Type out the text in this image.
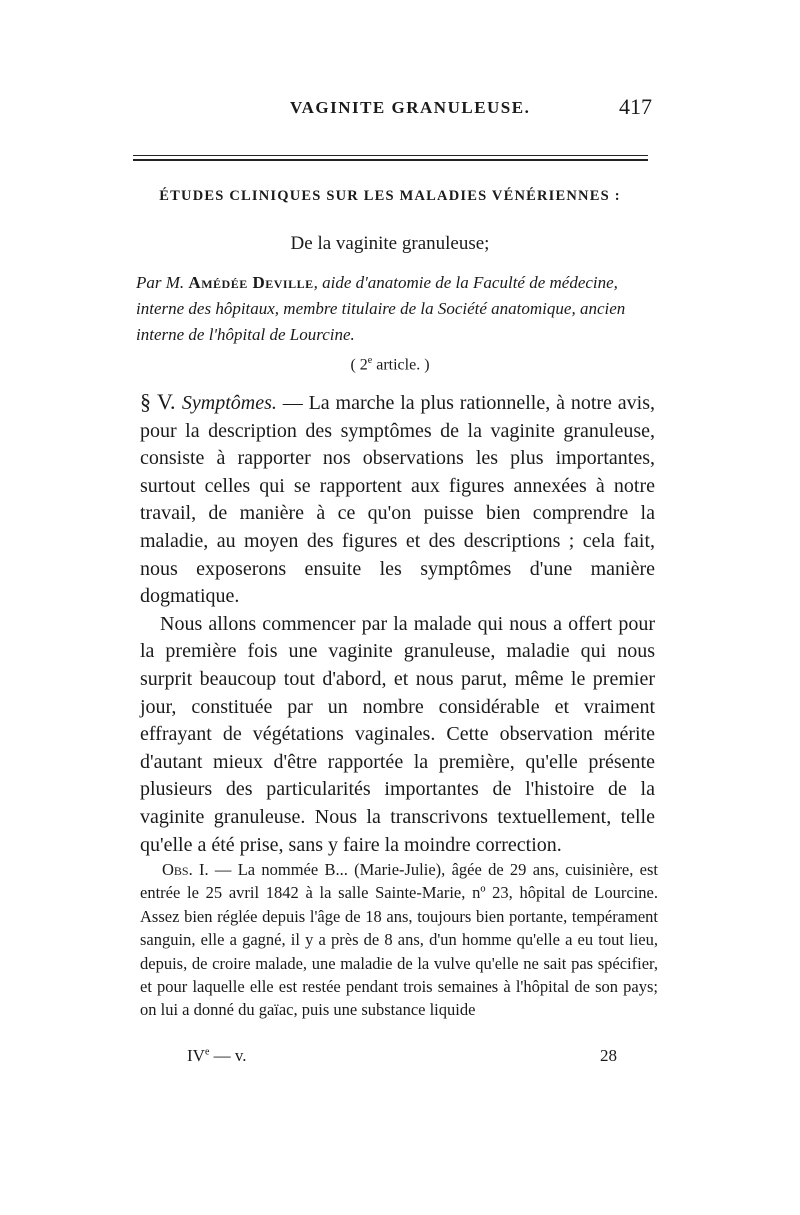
VAGINITE GRANULEUSE.	417
ÉTUDES CLINIQUES SUR LES MALADIES VÉNÉRIENNES :
De la vaginite granuleuse;
Par M. Amédée Deville, aide d'anatomie de la Faculté de médecine, interne des hôpitaux, membre titulaire de la Société anatomique, ancien interne de l'hôpital de Lourcine.
( 2e article. )

§ V. Symptômes. — La marche la plus rationnelle, à notre avis, pour la description des symptômes de la vaginite granuleuse, consiste à rapporter nos observations les plus importantes, surtout celles qui se rapportent aux figures annexées à notre travail, de manière à ce qu'on puisse bien comprendre la maladie, au moyen des figures et des descriptions ; cela fait, nous exposerons ensuite les symptômes d'une manière dogmatique.

Nous allons commencer par la malade qui nous a offert pour la première fois une vaginite granuleuse, maladie qui nous surprit beaucoup tout d'abord, et nous parut, même le premier jour, constituée par un nombre considérable et vraiment effrayant de végétations vaginales. Cette observation mérite d'autant mieux d'être rapportée la première, qu'elle présente plusieurs des particularités importantes de l'histoire de la vaginite granuleuse. Nous la transcrivons textuellement, telle qu'elle a été prise, sans y faire la moindre correction.

Obs. I. — La nommée B... (Marie-Julie), âgée de 29 ans, cuisinière, est entrée le 25 avril 1842 à la salle Sainte-Marie, nº 23, hôpital de Lourcine. Assez bien réglée depuis l'âge de 18 ans, toujours bien portante, tempérament sanguin, elle a gagné, il y a près de 8 ans, d'un homme qu'elle a eu tout lieu, depuis, de croire malade, une maladie de la vulve qu'elle ne sait pas spécifier, et pour laquelle elle est restée pendant trois semaines à l'hôpital de son pays; on lui a donné du gaïac, puis une substance liquide

IVe — v.	28
